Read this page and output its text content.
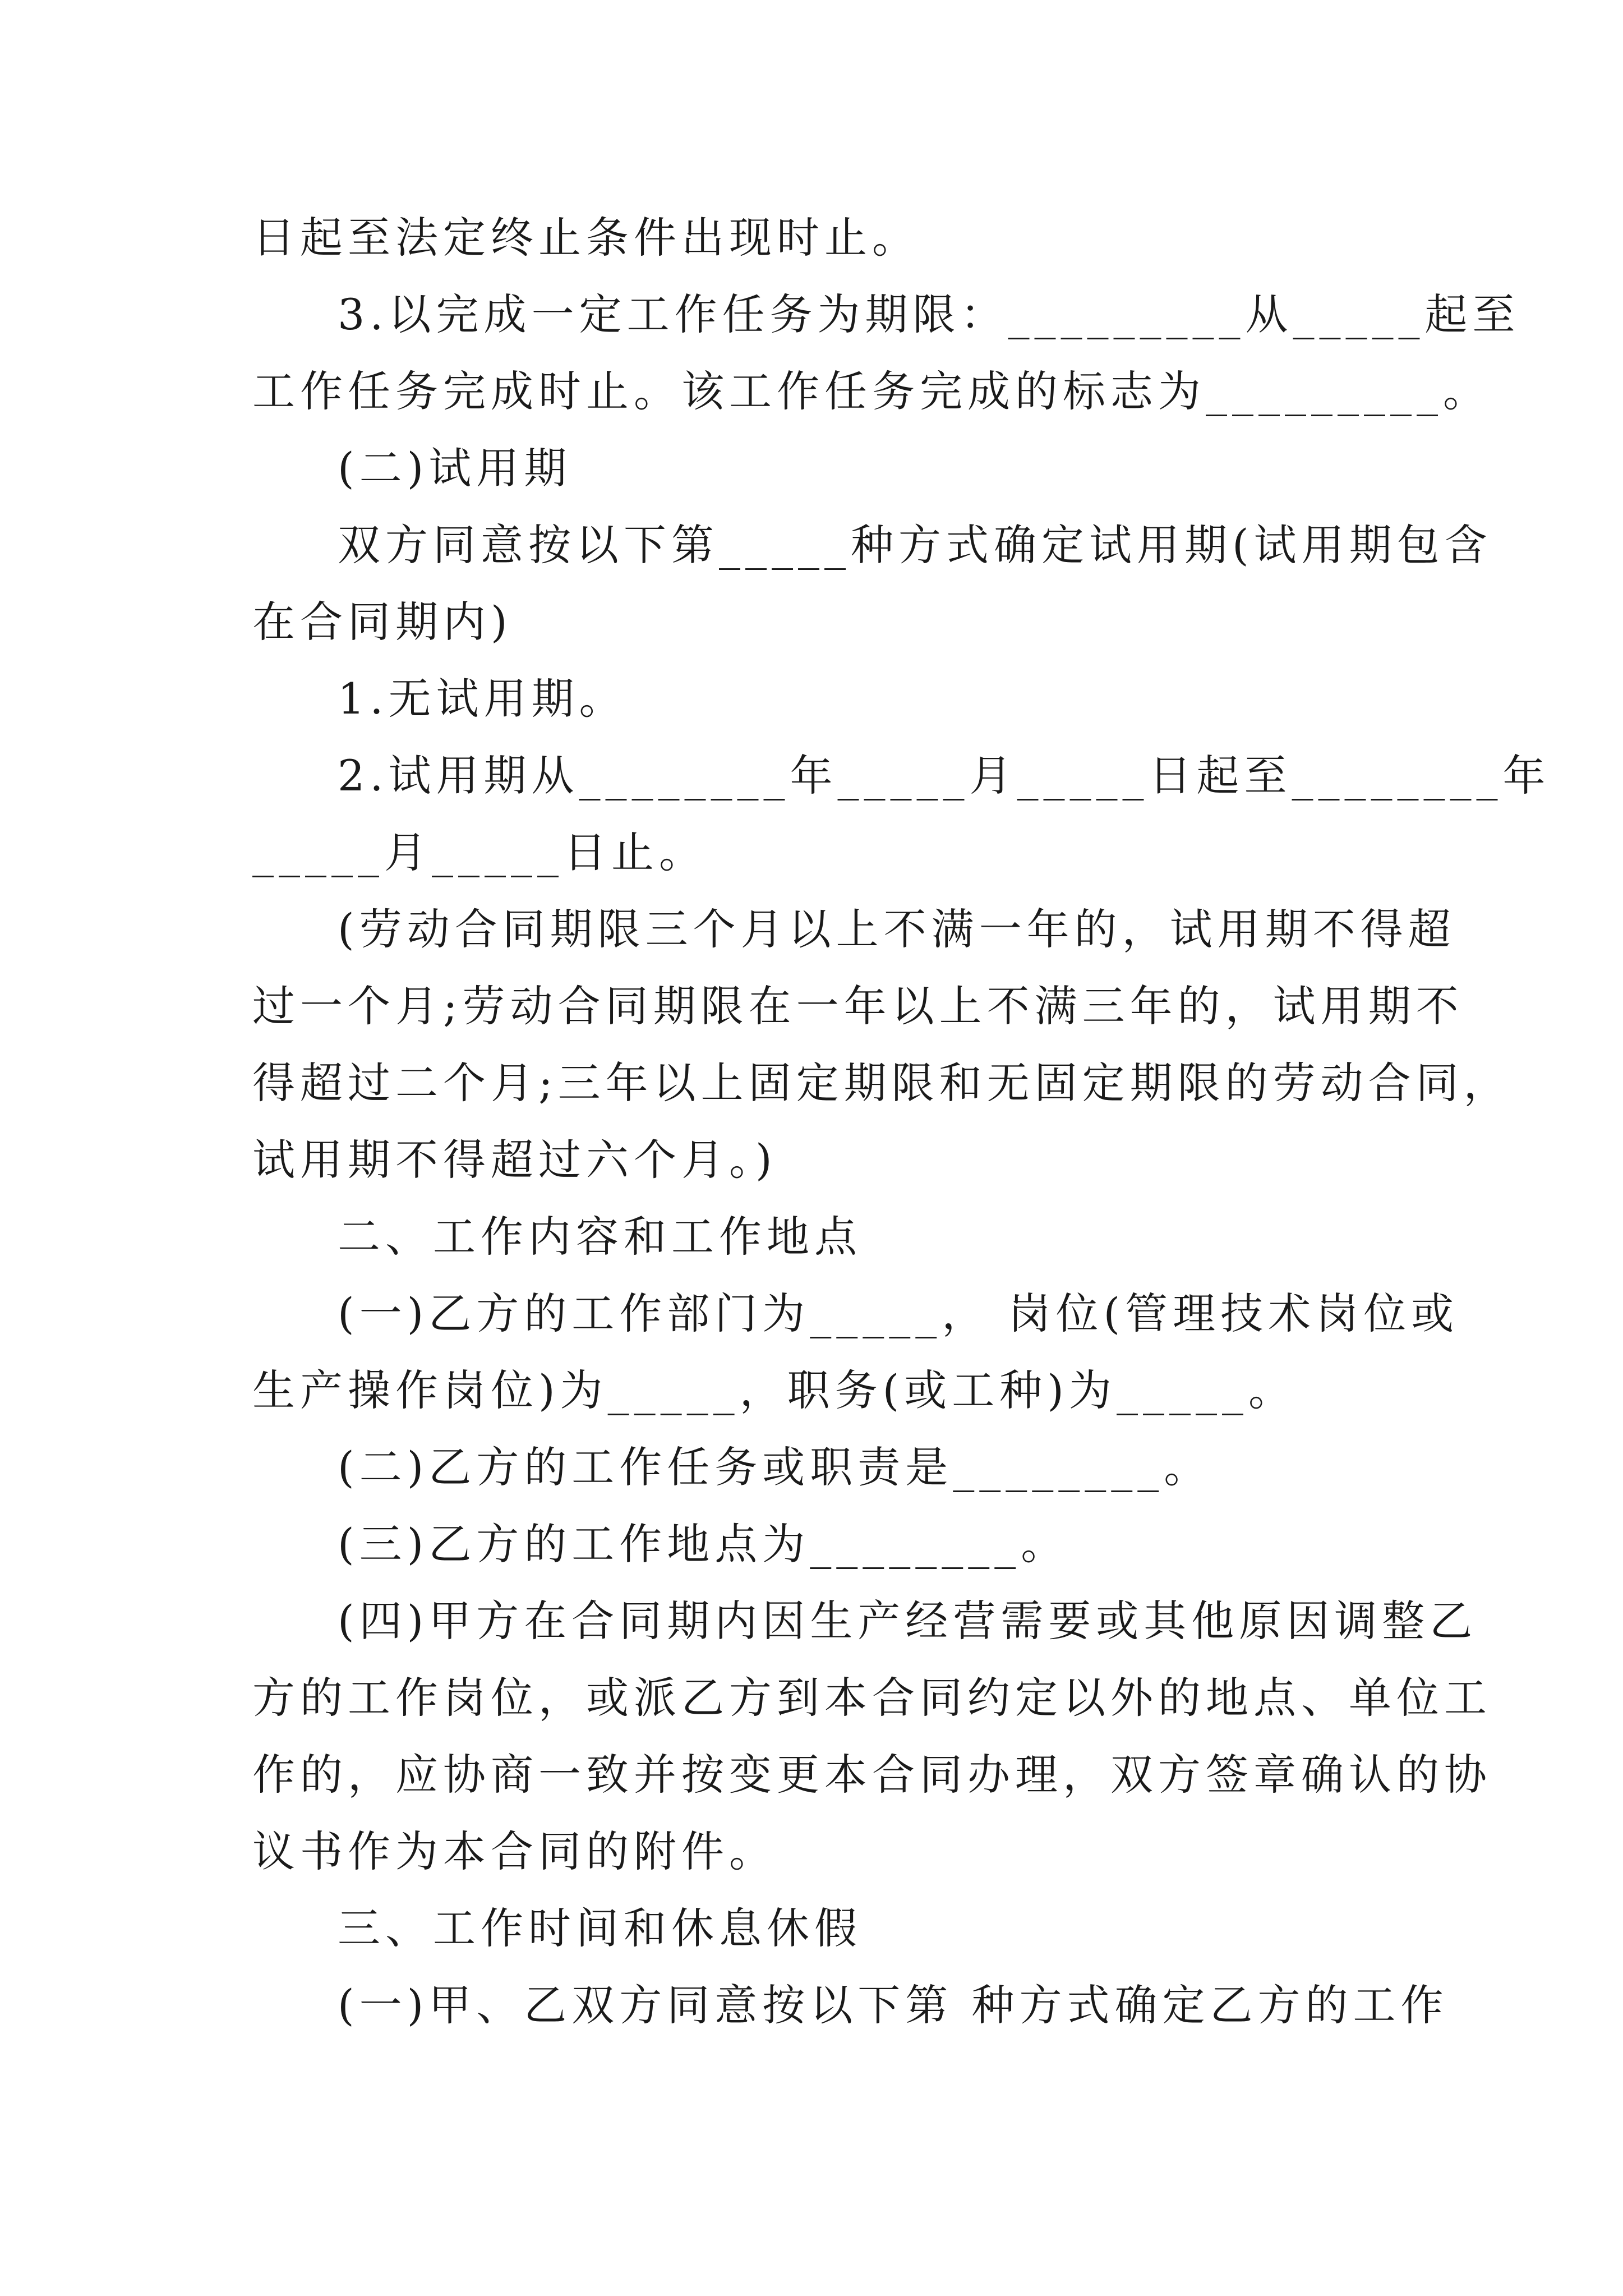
日起至法定终止条件出现时止。

3.以完成一定工作任务为期限：_________从_____起至

工作任务完成时止。该工作任务完成的标志为_________。

(二)试用期

双方同意按以下第_____种方式确定试用期(试用期包含

在合同期内)

1.无试用期。

2.试用期从________年_____月_____日起至________年

_____月_____日止。

(劳动合同期限三个月以上不满一年的，试用期不得超

过一个月;劳动合同期限在一年以上不满三年的，试用期不

得超过二个月;三年以上固定期限和无固定期限的劳动合同，

试用期不得超过六个月。)

二、工作内容和工作地点

(一)乙方的工作部门为_____， 岗位(管理技术岗位或

生产操作岗位)为_____，职务(或工种)为_____。

(二)乙方的工作任务或职责是________。

(三)乙方的工作地点为________。

(四)甲方在合同期内因生产经营需要或其他原因调整乙

方的工作岗位，或派乙方到本合同约定以外的地点、单位工

作的，应协商一致并按变更本合同办理，双方签章确认的协

议书作为本合同的附件。

三、工作时间和休息休假

(一)甲、乙双方同意按以下第 种方式确定乙方的工作
